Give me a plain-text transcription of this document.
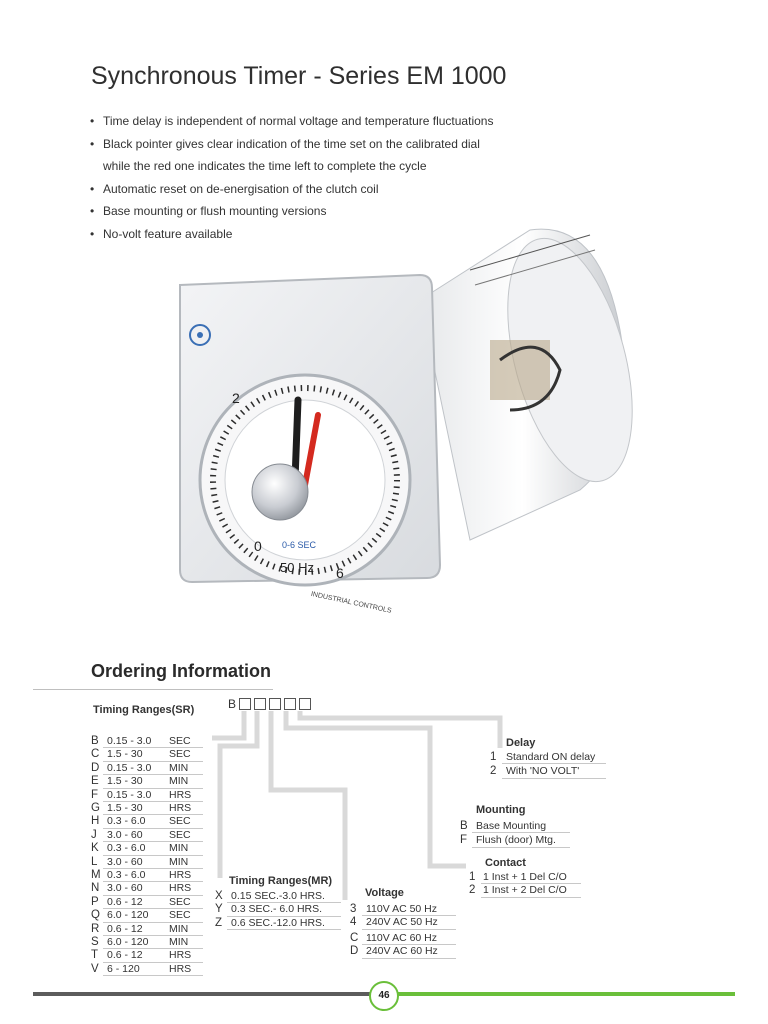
Synchronous Timer - Series EM 1000
• Time delay is independent of normal voltage and temperature fluctuations
• Black pointer gives clear indication of the time set on the calibrated dial
while the red one indicates the time left to complete the cycle
• Automatic reset on de-energisation of the clutch coil
• Base mounting or flush mounting versions
• No-volt feature available
2
0
6
0-6 SEC
50 Hz
INDUSTRIAL CONTROLS
Ordering Information
B
Timing Ranges(SR)
B 0.15 - 3.0 SEC
C 1.5 - 30	SEC
D 0.15 - 3.0 MIN
E 1.5 - 30	MIN
F 0.15 - 3.0 HRS
G 1.5 - 30	HRS
H 0.3 - 6.0 SEC
J 3.0 - 60	SEC
K 0.3 - 6.0 MIN
L 3.0 - 60	MIN
M 0.3 - 6.0 HRS
N 3.0 - 60	HRS
P 0.6 - 12	SEC
Q 6.0 - 120 SEC
R 0.6 - 12	MIN
S 6.0 - 120 MIN
T 0.6 - 12	HRS
V 6 - 120	HRS
Timing Ranges(MR)
X 0.15 SEC.-3.0 HRS.
Y 0.3 SEC.- 6.0 HRS.
Z 0.6 SEC.-12.0 HRS.
Voltage
3 110V AC 50 Hz
4 240V AC 50 Hz
C 110V AC 60 Hz
D 240V AC 60 Hz
Contact
1 1 Inst + 1 Del C/O
2 1 Inst + 2 Del C/O
Mounting
B Base Mounting
F Flush (door) Mtg.
Delay
1 Standard ON delay
2 With 'NO VOLT'
46
